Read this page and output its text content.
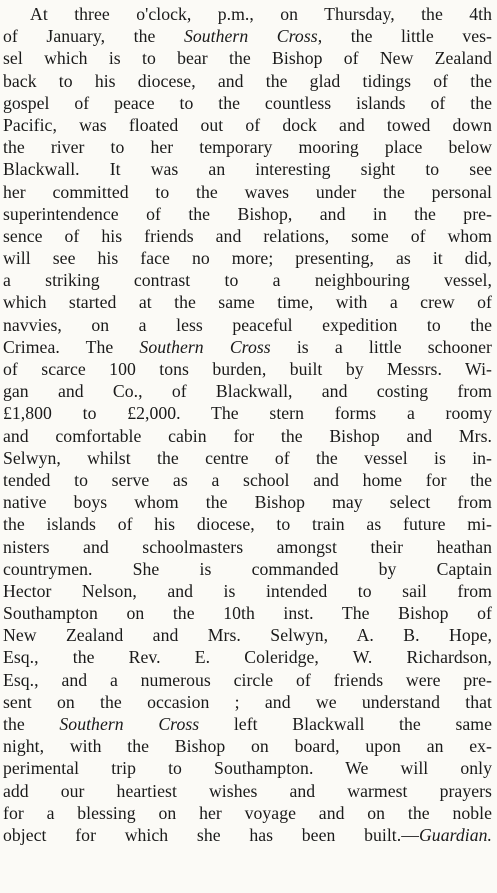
At three o'clock, p.m., on Thursday, the 4th
of January, the Southern Cross, the little ves-
sel which is to bear the Bishop of New Zealand
back to his diocese, and the glad tidings of the
gospel of peace to the countless islands of the
Pacific, was floated out of dock and towed down
the river to her temporary mooring place below
Blackwall. It was an interesting sight to see
her committed to the waves under the personal
superintendence of the Bishop, and in the pre-
sence of his friends and relations, some of whom
will see his face no more; presenting, as it did,
a striking contrast to a neighbouring vessel,
which started at the same time, with a crew of
navvies, on a less peaceful expedition to the
Crimea. The Southern Cross is a little schooner
of scarce 100 tons burden, built by Messrs. Wi-
gan and Co., of Blackwall, and costing from
£1,800 to £2,000. The stern forms a roomy
and comfortable cabin for the Bishop and Mrs.
Selwyn, whilst the centre of the vessel is in-
tended to serve as a school and home for the
native boys whom the Bishop may select from
the islands of his diocese, to train as future mi-
nisters and schoolmasters amongst their heathan
countrymen. She is commanded by Captain
Hector Nelson, and is intended to sail from
Southampton on the 10th inst. The Bishop of
New Zealand and Mrs. Selwyn, A. B. Hope,
Esq., the Rev. E. Coleridge, W. Richardson,
Esq., and a numerous circle of friends were pre-
sent on the occasion ; and we understand that
the Southern Cross left Blackwall the same
night, with the Bishop on board, upon an ex-
perimental trip to Southampton. We will only
add our heartiest wishes and warmest prayers
for a blessing on her voyage and on the noble
object for which she has been built.—Guardian.
